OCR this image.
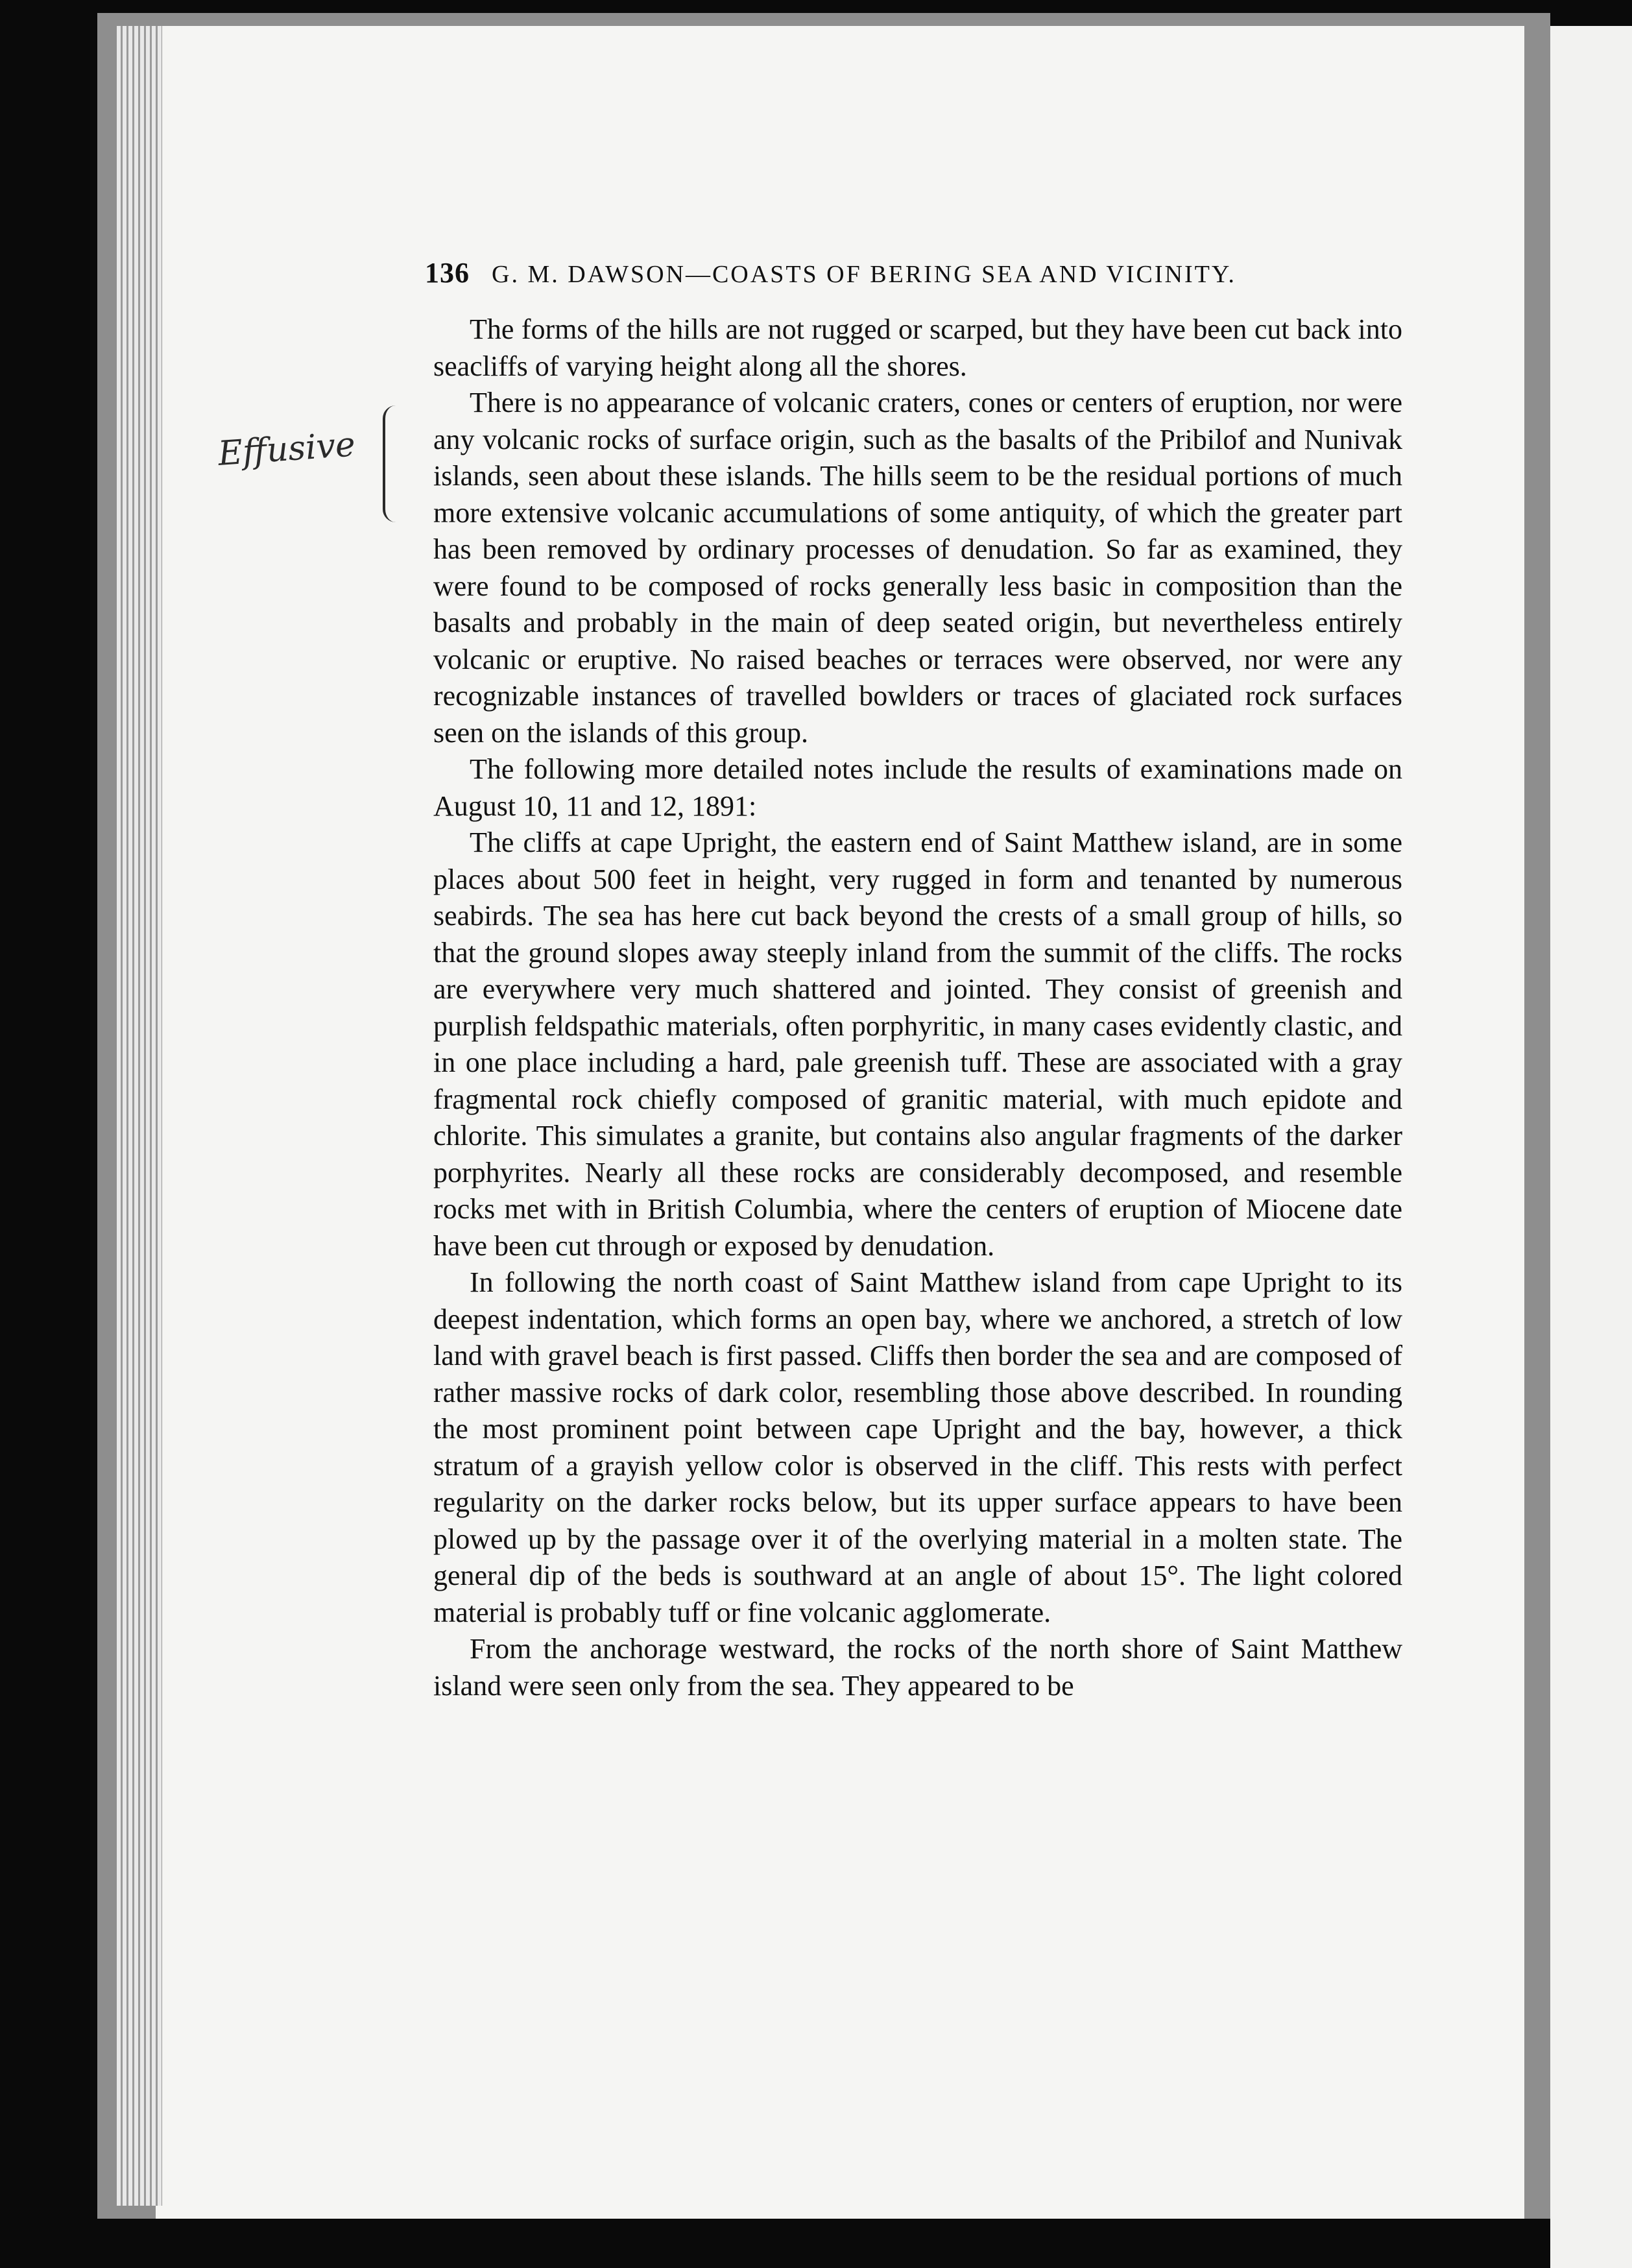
136 G. M. DAWSON—COASTS OF BERING SEA AND VICINITY.
Effusive

The forms of the hills are not rugged or scarped, but they have been cut back into seacliffs of varying height along all the shores.

There is no appearance of volcanic craters, cones or centers of eruption, nor were any volcanic rocks of surface origin, such as the basalts of the Pribilof and Nunivak islands, seen about these islands. The hills seem to be the residual portions of much more extensive volcanic accumulations of some antiquity, of which the greater part has been removed by ordinary processes of denudation. So far as examined, they were found to be composed of rocks generally less basic in composition than the basalts and probably in the main of deep seated origin, but nevertheless entirely volcanic or eruptive. No raised beaches or terraces were observed, nor were any recognizable instances of travelled bowlders or traces of glaciated rock surfaces seen on the islands of this group.

The following more detailed notes include the results of examinations made on August 10, 11 and 12, 1891:

The cliffs at cape Upright, the eastern end of Saint Matthew island, are in some places about 500 feet in height, very rugged in form and tenanted by numerous seabirds. The sea has here cut back beyond the crests of a small group of hills, so that the ground slopes away steeply inland from the summit of the cliffs. The rocks are everywhere very much shattered and jointed. They consist of greenish and purplish feldspathic materials, often porphyritic, in many cases evidently clastic, and in one place including a hard, pale greenish tuff. These are associated with a gray fragmental rock chiefly composed of granitic material, with much epidote and chlorite. This simulates a granite, but contains also angular fragments of the darker porphyrites. Nearly all these rocks are considerably decomposed, and resemble rocks met with in British Columbia, where the centers of eruption of Miocene date have been cut through or exposed by denudation.

In following the north coast of Saint Matthew island from cape Upright to its deepest indentation, which forms an open bay, where we anchored, a stretch of low land with gravel beach is first passed. Cliffs then border the sea and are composed of rather massive rocks of dark color, resembling those above described. In rounding the most prominent point between cape Upright and the bay, however, a thick stratum of a grayish yellow color is observed in the cliff. This rests with perfect regularity on the darker rocks below, but its upper surface appears to have been plowed up by the passage over it of the overlying material in a molten state. The general dip of the beds is southward at an angle of about 15°. The light colored material is probably tuff or fine volcanic agglomerate.

From the anchorage westward, the rocks of the north shore of Saint Matthew island were seen only from the sea. They appeared to be
